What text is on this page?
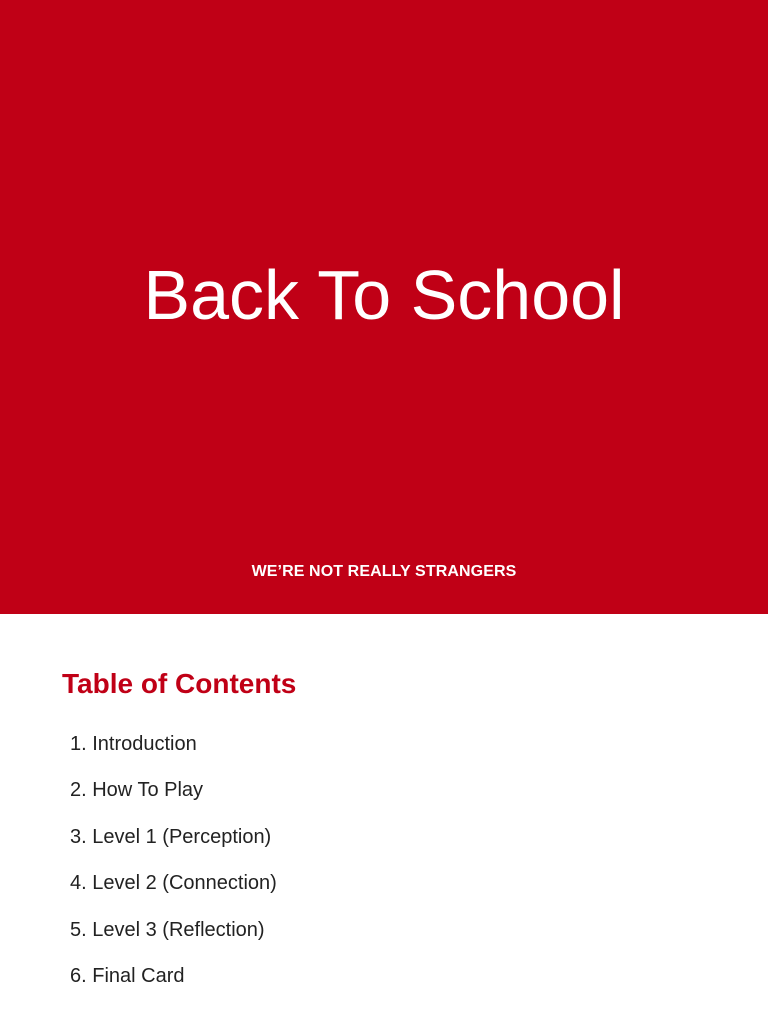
Back To School
WE’RE NOT REALLY STRANGERS
Table of Contents
1. Introduction
2. How To Play
3. Level 1 (Perception)
4. Level 2 (Connection)
5. Level 3 (Reflection)
6. Final Card
